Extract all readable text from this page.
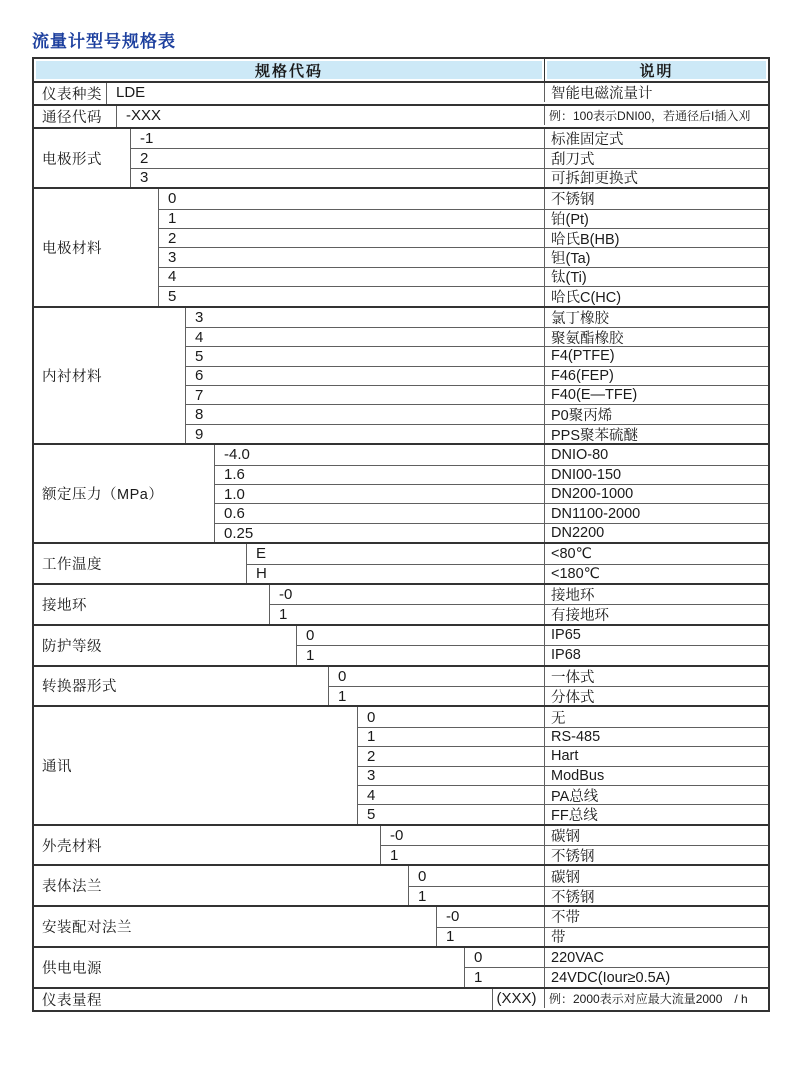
流量计型号规格表
规格代码	说明
仪表种类 LDE	智能电磁流量计
通径代码	-XXX	例：100表示DNI00，若通径后I插入刈
电极形式
-1	标准固定式
2	刮刀式
3	可拆卸更换式
电极材料
0	不锈钢
1	铂(Pt)
2	哈氏B(HB)
3	钽(Ta)
4	钛(Ti)
5	哈氏C(HC)
内衬材料
3	氯丁橡胶
4	聚氨酯橡胶
5	F4(PTFE)
6	F46(FEP)
7	F40(E—TFE)
8	P0聚丙烯
9	PPS聚苯硫醚
额定压力（MPa）
-4.0	DNIO-80
1.6	DNI00-150
1.0	DN200-1000
0.6	DN1100-2000
0.25	DN2200
工作温度
E	<80℃
H	<180℃
接地环
-0	接地环
1	有接地环
防护等级
0	IP65
1	IP68
转换器形式
0	一体式
1	分体式
通讯
0	无
1	RS-485
2	Hart
3	ModBus
4	PA总线
5	FF总线
外壳材料
-0	碳钢
1	不锈钢
表体法兰
0	碳钢
1	不锈钢
安装配对法兰
-0	不带
1	带
供电电源
0	220VAC
1	24VDC(Iour≥0.5A)
仪表量程	(XXX)	例：2000表示对应最大流量2000　/ h
